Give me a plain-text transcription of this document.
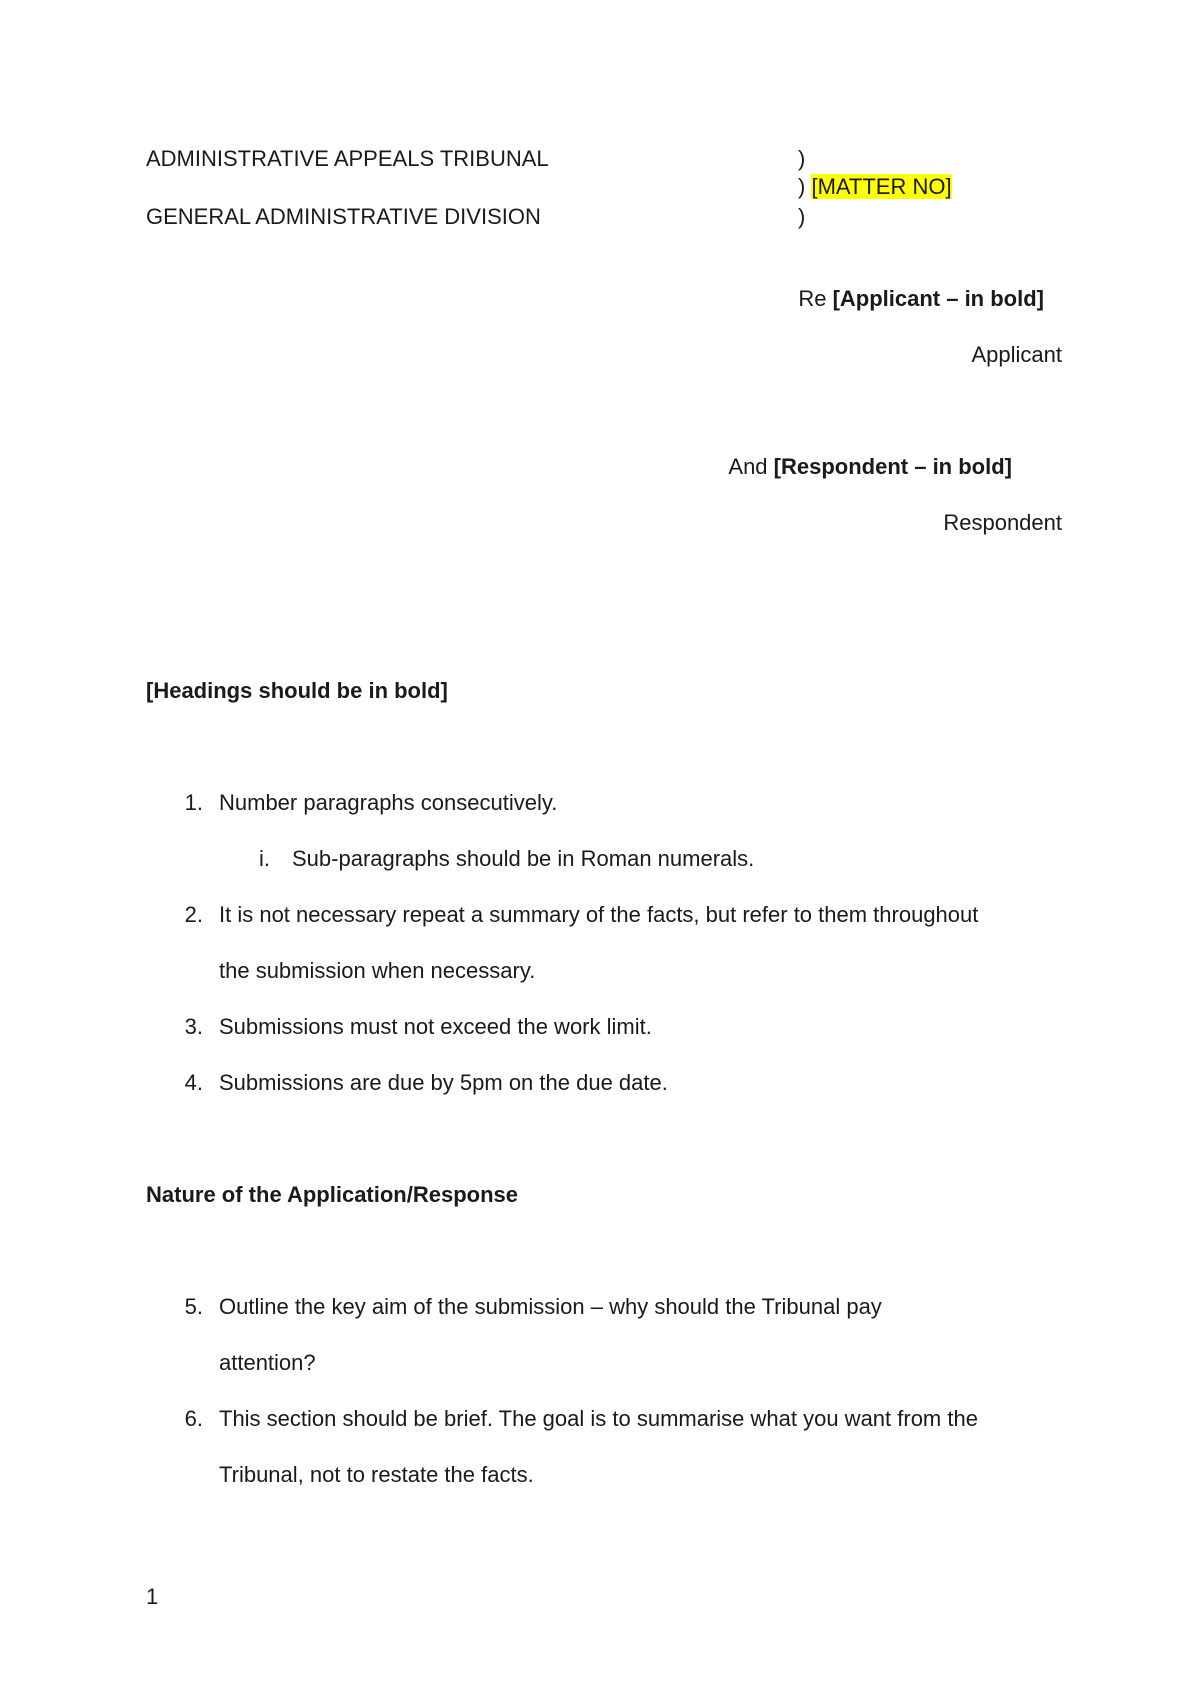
ADMINISTRATIVE APPEALS TRIBUNAL
GENERAL ADMINISTRATIVE DIVISION
)
) [MATTER NO]
)
Re [Applicant – in bold]
Applicant
And [Respondent – in bold]
Respondent
[Headings should be in bold]
1. Number paragraphs consecutively.
i. Sub-paragraphs should be in Roman numerals.
2. It is not necessary repeat a summary of the facts, but refer to them throughout
the submission when necessary.
3. Submissions must not exceed the work limit.
4. Submissions are due by 5pm on the due date.
Nature of the Application/Response
5. Outline the key aim of the submission – why should the Tribunal pay
attention?
6. This section should be brief. The goal is to summarise what you want from the
Tribunal, not to restate the facts.
1
